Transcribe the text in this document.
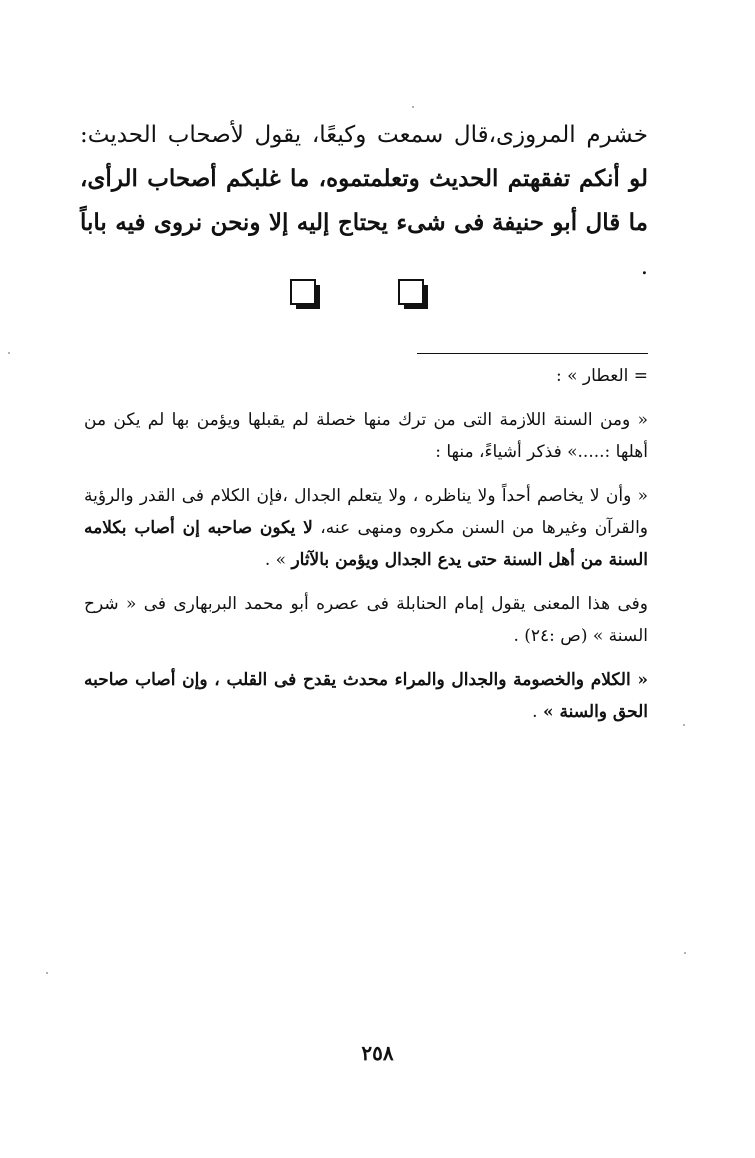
خشرم المروزى،قال سمعت وكيعًا، يقول لأصحاب الحديث: لو أنكم تفقهتم الحديث وتعلمتموه، ما غلبكم أصحاب الرأى، ما قال أبو حنيفة فى شىء يحتاج إليه إلا ونحن نروى فيه باباً .

= العطار » :

« ومن السنة اللازمة التى من ترك منها خصلة لم يقبلها ويؤمن بها لم يكن من أهلها :.....» فذكر أشياءً، منها :

« وأن لا يخاصم أحداً ولا يناظره ، ولا يتعلم الجدال ،فإن الكلام فى القدر والرؤية والقرآن وغيرها من السنن مكروه ومنهى عنه، لا يكون صاحبه إن أصاب بكلامه السنة من أهل السنة حتى يدع الجدال ويؤمن بالآثار » .

وفى هذا المعنى يقول إمام الحنابلة فى عصره أبو محمد البربهارى فى « شرح السنة » (ص :٢٤) .

« الكلام والخصومة والجدال والمراء محدث يقدح فى القلب ، وإن أصاب صاحبه الحق والسنة » .

٢٥٨
